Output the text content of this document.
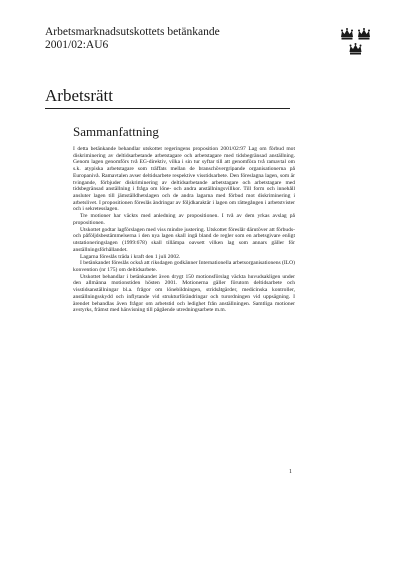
Arbetsmarknadsutskottets betänkande
2001/02:AU6
Arbetsrätt
Sammanfattning

I detta betänkande behandlar utskottet regeringens proposition 2001/02:97 Lag om förbud mot diskriminering av deltidsarbetande arbetstagare och arbetstagare med tidsbegränsad anställning. Genom lagen genomförs två EG-direktiv, vilka i sin tur syftar till att genomföra två ramavtal om s.k. atypiska arbetstagare som träffats mellan de branschövergripande organisationerna på Europanivå. Ramavtalen avser deltidsarbete respektive visstidsarbete. Den föreslagna lagen, som är tvingande, förbjuder diskriminering av deltidsarbetande arbetstagare och arbetstagare med tidsbegränsad anställning i fråga om löne- och andra anställningsvillkor. Till form och innehåll ansluter lagen till jämställdhetslagen och de andra lagarna med förbud mot diskriminering i arbetslivet. I propositionen föreslås ändringar av följdkaraktär i lagen om rättegången i arbetstvister och i sekretesslagen.

Tre motioner har väckts med anledning av propositionen. I två av dem yrkas avslag på propositionen.

Utskottet godtar lagförslagen med viss mindre justering. Utskottet föreslår därutöver att förbuds- och påföljdsbestämmelserna i den nya lagen skall ingå bland de regler som en arbetsgivare enligt utstationeringslagen (1999:678) skall tillämpa oavsett vilken lag som annars gäller för anställningsförhållandet.

Lagarna föreslås träda i kraft den 1 juli 2002.

I betänkandet föreslås också att riksdagen godkänner Internationella arbetsorganisationens (ILO) konvention (nr 175) om deltidsarbete.

Utskottet behandlar i betänkandet även drygt 150 motionsförslag väckta huvudsakligen under den allmänna motionstiden hösten 2001. Motionerna gäller förutom deltidsarbete och visstidsanställningar bl.a. frågor om lönebildningen, stridsåtgärder, medicinska kontroller, anställningsskydd och inflytande vid strukturförändringar och turordningen vid uppsägning. I ärendet behandlas även frågor om arbetstid och ledighet från anställningen. Samtliga motioner avstyrks, främst med hänvisning till pågående utredningsarbete m.m.

1
